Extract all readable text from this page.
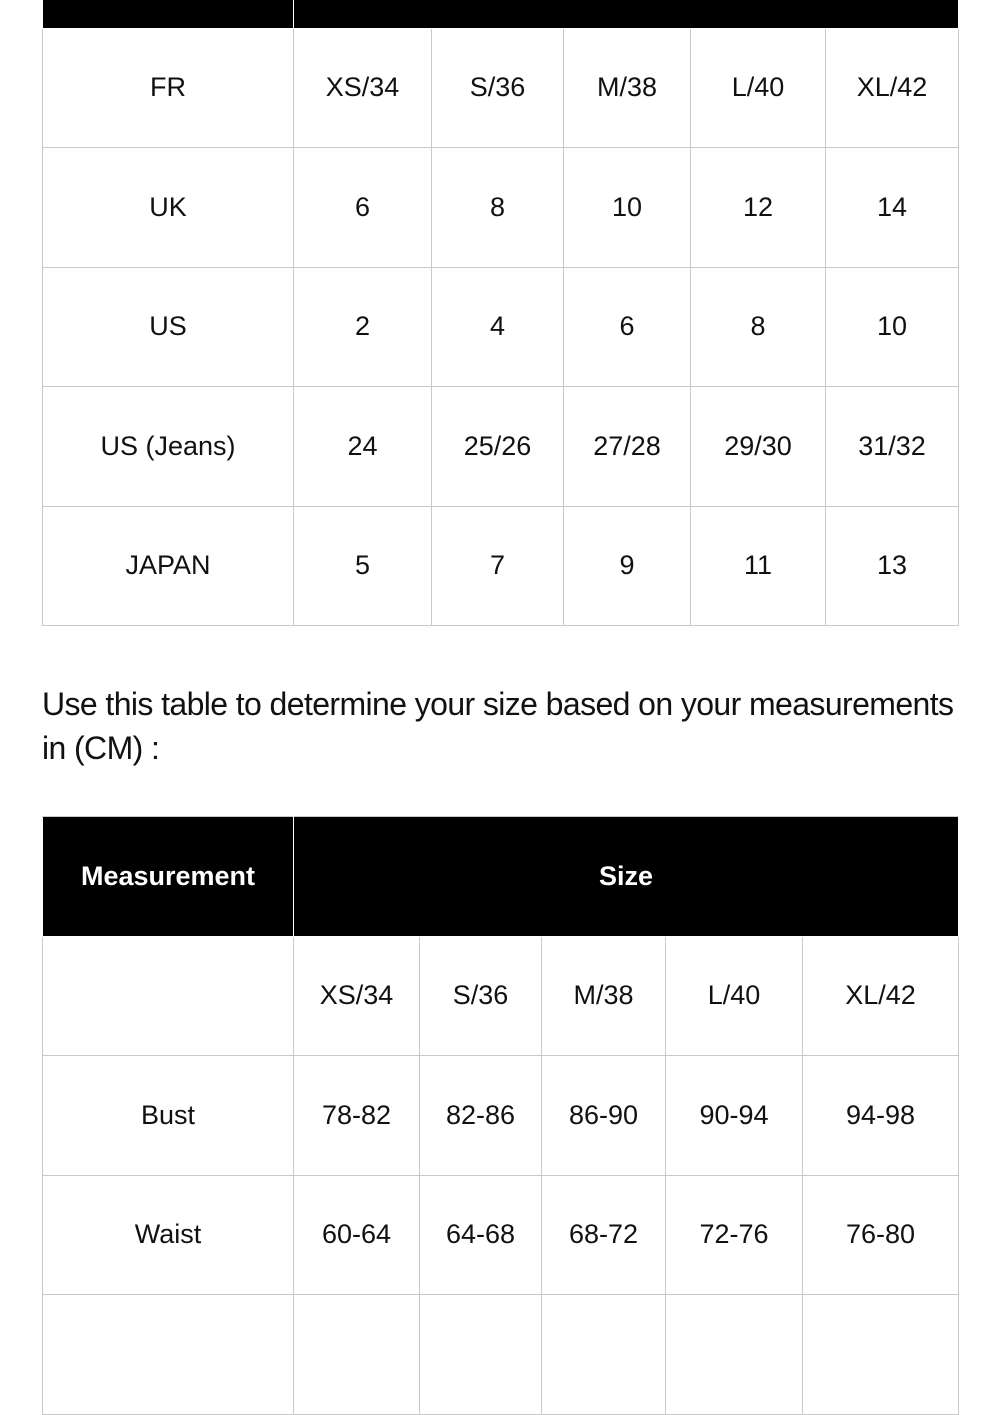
FR	XS/34	S/36	M/38	L/40	XL/42
UK	6	8	10	12	14
US	2	4	6	8	10
US (Jeans)	24	25/26	27/28	29/30	31/32
JAPAN	5	7	9	11	13

Use this table to determine your size based on your measurements in (CM) :

Measurement	Size				
	XS/34	S/36	M/38	L/40	XL/42
Bust	78-82	82-86	86-90	90-94	94-98
Waist	60-64	64-68	68-72	72-76	76-80
